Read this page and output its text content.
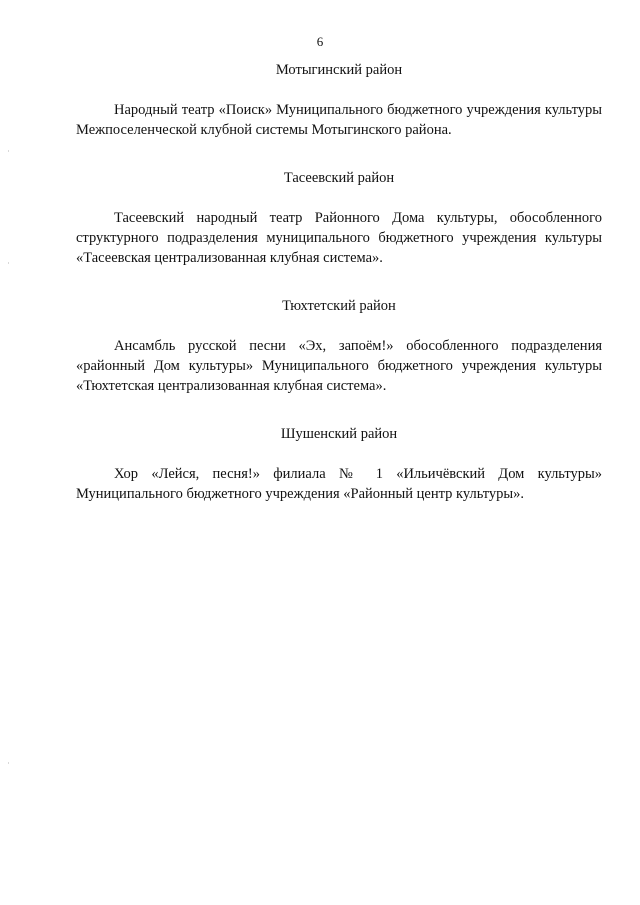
6
Мотыгинский район
Народный театр «Поиск» Муниципального бюджетного учреждения культуры Межпоселенческой клубной системы Мотыгинского района.
Тасеевский район
Тасеевский народный театр Районного Дома культуры, обособленного структурного подразделения муниципального бюджетного учреждения культуры «Тасеевская централизованная клубная система».
Тюхтетский район
Ансамбль русской песни «Эх, запоём!» обособленного подразделения «районный Дом культуры» Муниципального бюджетного учреждения культуры «Тюхтетская централизованная клубная система».
Шушенский район
Хор «Лейся, песня!» филиала № 1 «Ильичёвский Дом культуры» Муниципального бюджетного учреждения «Районный центр культуры».
